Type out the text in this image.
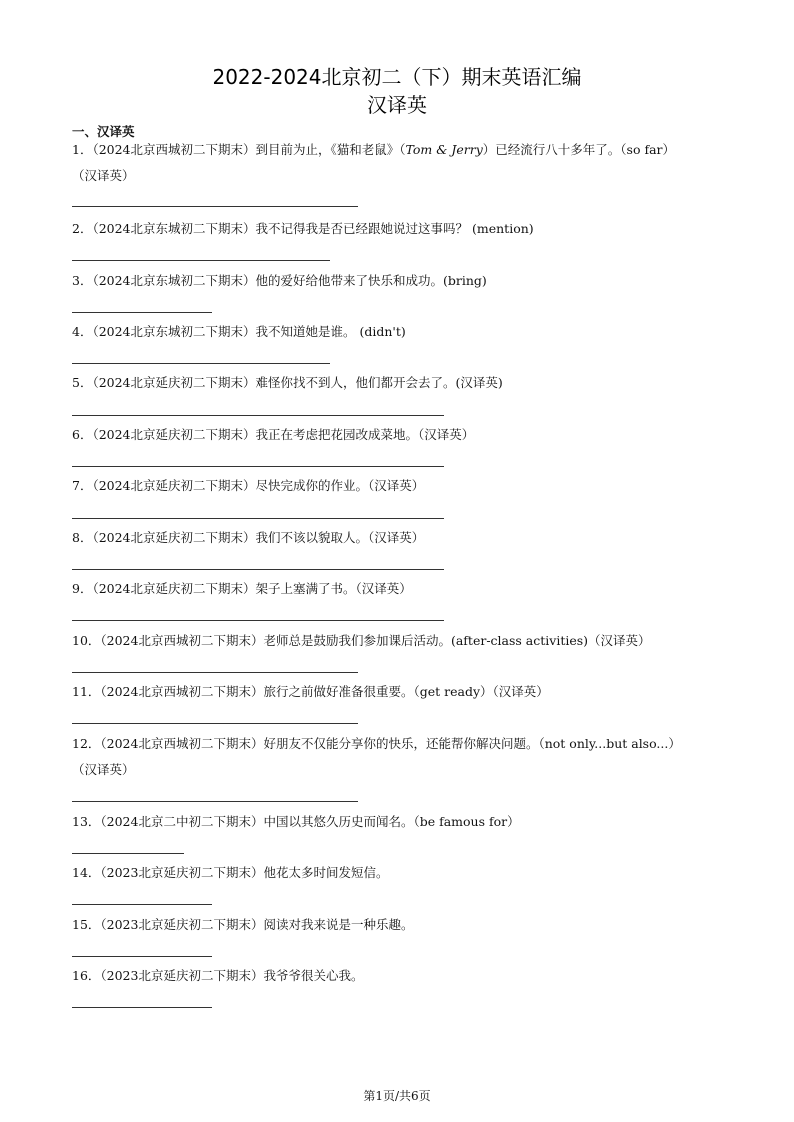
2022-2024北京初二（下）期末英语汇编
汉译英
一、汉译英
1．（2024北京西城初二下期末）到目前为止，《猫和老鼠》（Tom & Jerry）已经流行八十多年了。（so far）
（汉译英）
2．（2024北京东城初二下期末）我不记得我是否已经跟她说过这事吗？ (mention)
3．（2024北京东城初二下期末）他的爱好给他带来了快乐和成功。(bring)
4．（2024北京东城初二下期末）我不知道她是谁。 (didn't)
5．（2024北京延庆初二下期末）难怪你找不到人，他们都开会去了。(汉译英)
6．（2024北京延庆初二下期末）我正在考虑把花园改成菜地。（汉译英）
7．（2024北京延庆初二下期末）尽快完成你的作业。（汉译英）
8．（2024北京延庆初二下期末）我们不该以貌取人。（汉译英）
9．（2024北京延庆初二下期末）架子上塞满了书。（汉译英）
10．（2024北京西城初二下期末）老师总是鼓励我们参加课后活动。(after-class activities)（汉译英）
11．（2024北京西城初二下期末）旅行之前做好准备很重要。（get ready）（汉译英）
12．（2024北京西城初二下期末）好朋友不仅能分享你的快乐，还能帮你解决问题。（not only...but also...）
（汉译英）
13．（2024北京二中初二下期末）中国以其悠久历史而闻名。（be famous for）
14．（2023北京延庆初二下期末）他花太多时间发短信。
15．（2023北京延庆初二下期末）阅读对我来说是一种乐趣。
16．（2023北京延庆初二下期末）我爷爷很关心我。
第1页/共6页
